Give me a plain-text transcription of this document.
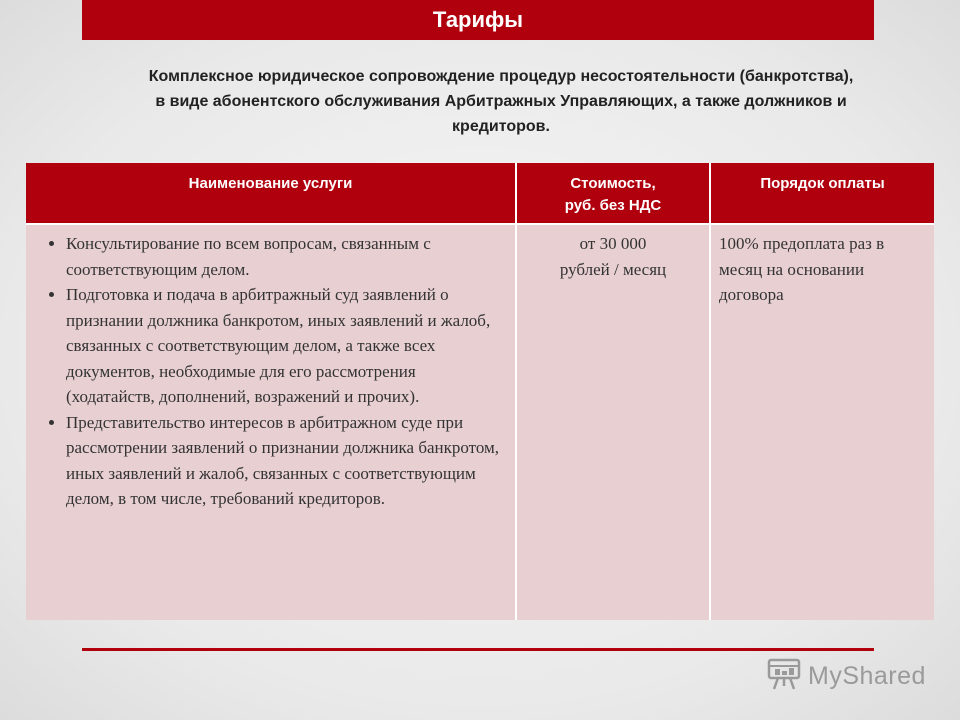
Тарифы
Комплексное юридическое сопровождение процедур несостоятельности (банкротства),
в виде абонентского обслуживания Арбитражных Управляющих, а также должников и
кредиторов.
Наименование услуги	Стоимость,
руб. без НДС
Порядок оплаты
• Консультирование по всем вопросам, связанным с соответствующим делом.
• Подготовка и подача в арбитражный суд заявлений о признании должника банкротом, иных заявлений и жалоб, связанных с соответствующим делом, а также всех документов, необходимые для его рассмотрения (ходатайств, дополнений, возражений и прочих).
• Представительство интересов в арбитражном суде при рассмотрении заявлений о признании должника банкротом, иных заявлений и жалоб, связанных с соответствующим делом, в том числе, требований кредиторов.
от 30 000
рублей / месяц
100% предоплата раз в месяц на основании договора
MyShared
